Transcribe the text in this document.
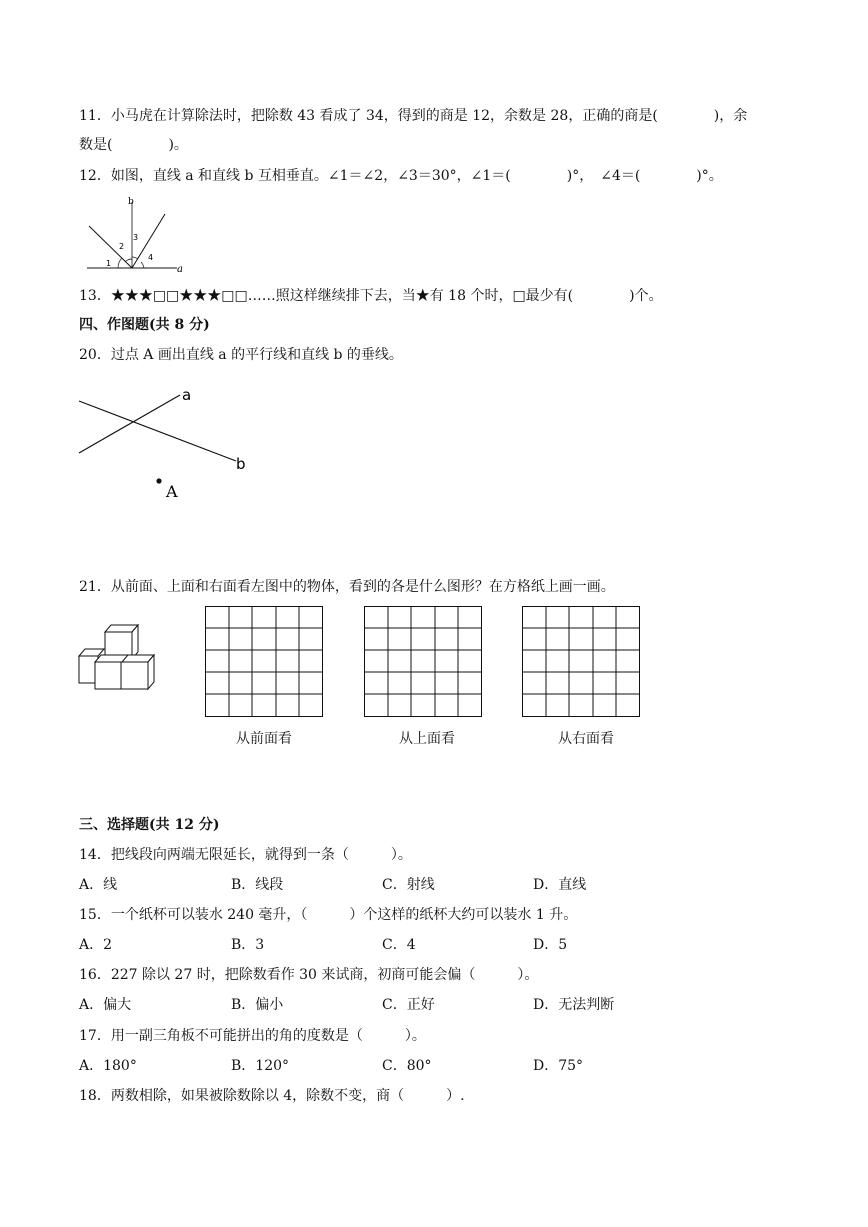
11．小马虎在计算除法时，把除数 43 看成了 34，得到的商是 12，余数是 28，正确的商是(　　　　)，余
数是(　　　　)。
12．如图，直线 a 和直线 b 互相垂直。∠1＝∠2，∠3＝30°，∠1＝(　　　　)°，　∠4＝(　　　　)°。
b
a
1
2
3
4
13．★★★□□★★★□□……照这样继续排下去，当★有 18 个时，□最少有(　　　　)个。
四、作图题(共 8 分)
20．过点 A 画出直线 a 的平行线和直线 b 的垂线。
a
b
A
21．从前面、上面和右面看左图中的物体，看到的各是什么图形？在方格纸上画一画。
从前面看	从上面看	从右面看
三、选择题(共 12 分)
14．把线段向两端无限延长，就得到一条（　　　）。
A．线	B．线段	C．射线	D．直线
15．一个纸杯可以装水 240 毫升，（　　　）个这样的纸杯大约可以装水 1 升。
A．2	B．3	C．4	D．5
16．227 除以 27 时，把除数看作 30 来试商，初商可能会偏（　　　）。
A．偏大	B．偏小	C．正好	D．无法判断
17．用一副三角板不可能拼出的角的度数是（　　　）。
A．180°	B．120°	C．80°	D．75°
18．两数相除，如果被除数除以 4，除数不变，商（　　　）.
